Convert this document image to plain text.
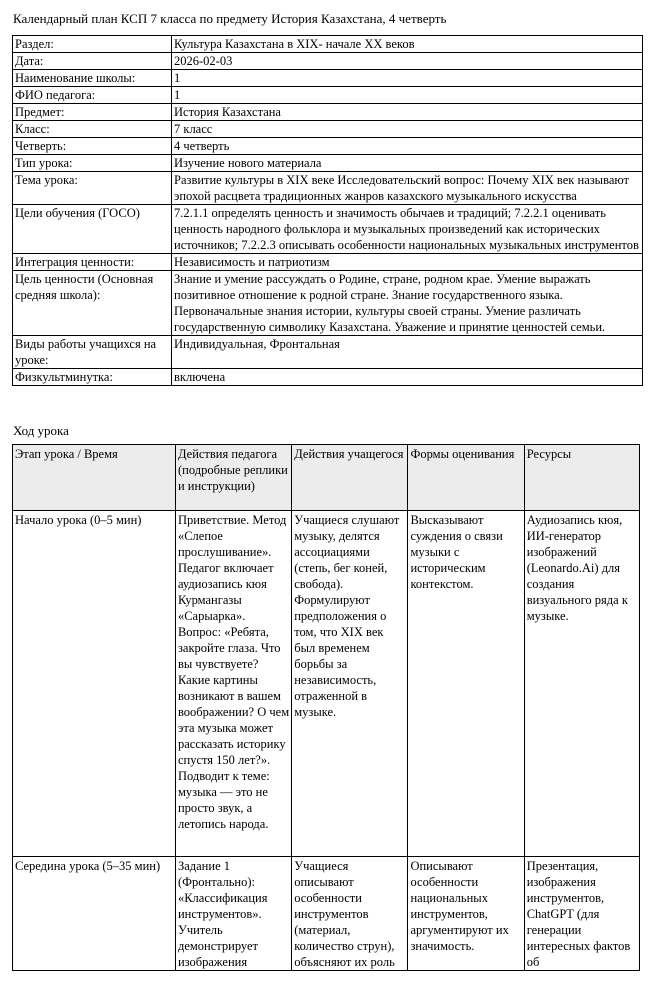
Календарный план КСП 7 класса по предмету История Казахстана, 4 четверть
Раздел:	Культура Казахстана в XIX- начале XX веков
Дата:	2026-02-03
Наименование школы:	1
ФИО педагога:	1
Предмет:	История Казахстана
Класс:	7 класс
Четверть:	4 четверть
Тип урока:	Изучение нового материала
Тема урока:	Развитие культуры в XIX веке Исследовательский вопрос: Почему XIX век называют эпохой расцвета традиционных жанров казахского музыкального искусства
Цели обучения (ГОСО)	7.2.1.1 определять ценность и значимость обычаев и традиций; 7.2.2.1 оценивать ценность народного фольклора и музыкальных произведений как исторических источников; 7.2.2.3 описывать особенности национальных музыкальных инструментов
Интеграция ценности:	Независимость и патриотизм
Цель ценности (Основная средняя школа):	Знание и умение рассуждать о Родине, стране, родном крае. Умение выражать позитивное отношение к родной стране. Знание государственного языка. Первоначальные знания истории, культуры своей страны. Умение различать государственную символику Казахстана. Уважение и принятие ценностей семьи.
Виды работы учащихся на уроке:	Индивидуальная, Фронтальная
Физкультминутка:	включена
Ход урока
Этап урока / Время	Действия педагога (подробные реплики и инструкции)	Действия учащегося	Формы оценивания	Ресурсы
Начало урока (0–5 мин)	Приветствие. Метод «Слепое прослушивание». Педагог включает аудиозапись кюя Курмангазы «Сарыарка». Вопрос: «Ребята, закройте глаза. Что вы чувствуете? Какие картины возникают в вашем воображении? О чем эта музыка может рассказать историку спустя 150 лет?». Подводит к теме: музыка — это не просто звук, а летопись народа.	Учащиеся слушают музыку, делятся ассоциациями (степь, бег коней, свобода). Формулируют предположения о том, что XIX век был временем борьбы за независимость, отраженной в музыке.	Высказывают суждения о связи музыки с историческим контекстом.	Аудиозапись кюя, ИИ-генератор изображений (Leonardo.Ai) для создания визуального ряда к музыке.
Середина урока (5–35 мин)	Задание 1 (Фронтально): «Классификация инструментов». Учитель демонстрирует изображения	Учащиеся описывают особенности инструментов (материал, количество струн), объясняют их роль	Описывают особенности национальных инструментов, аргументируют их значимость.	Презентация, изображения инструментов, ChatGPT (для генерации интересных фактов об
